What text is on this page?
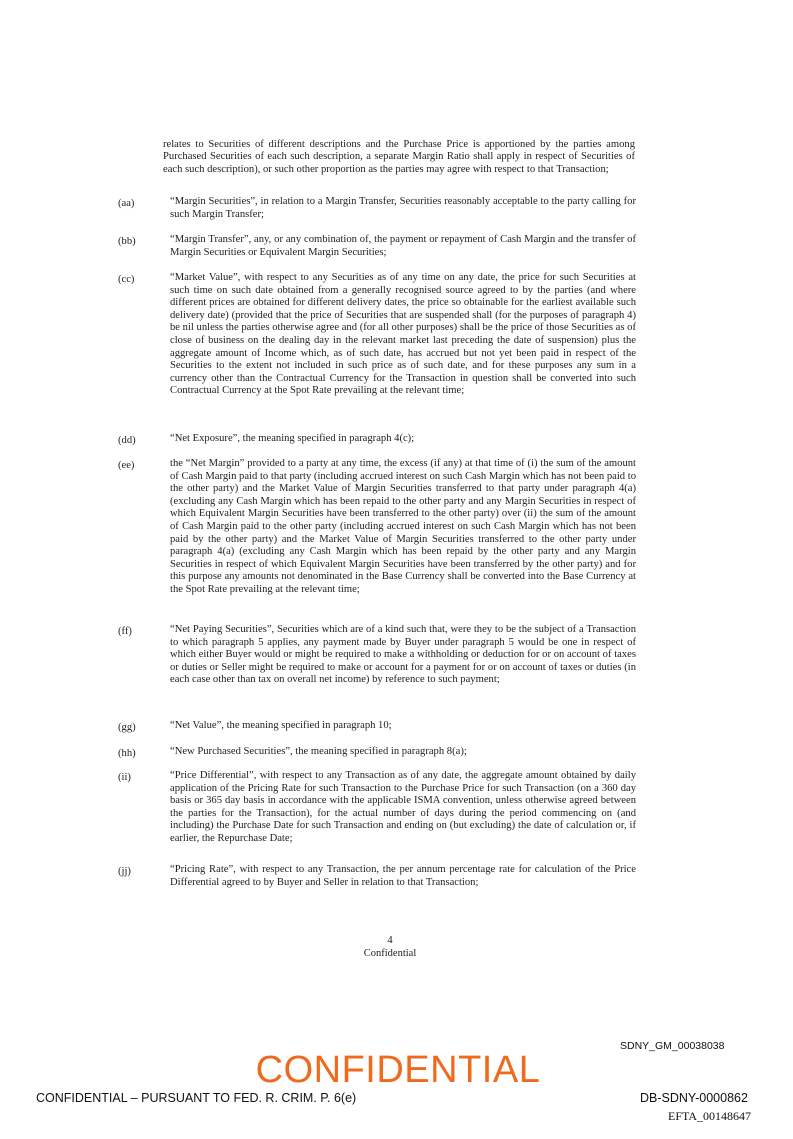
relates to Securities of different descriptions and the Purchase Price is apportioned by the parties among Purchased Securities of each such description, a separate Margin Ratio shall apply in respect of Securities of each such description), or such other proportion as the parties may agree with respect to that Transaction;

(aa)	“Margin Securities”, in relation to a Margin Transfer, Securities reasonably acceptable to the party calling for such Margin Transfer;
(bb)	“Margin Transfer”, any, or any combination of, the payment or repayment of Cash Margin and the transfer of Margin Securities or Equivalent Margin Securities;
(cc)	“Market Value”, with respect to any Securities as of any time on any date, the price for such Securities at such time on such date obtained from a generally recognised source agreed to by the parties (and where different prices are obtained for different delivery dates, the price so obtainable for the earliest available such delivery date) (provided that the price of Securities that are suspended shall (for the purposes of paragraph 4) be nil unless the parties otherwise agree and (for all other purposes) shall be the price of those Securities as of close of business on the dealing day in the relevant market last preceding the date of suspension) plus the aggregate amount of Income which, as of such date, has accrued but not yet been paid in respect of the Securities to the extent not included in such price as of such date, and for these purposes any sum in a currency other than the Contractual Currency for the Transaction in question shall be converted into such Contractual Currency at the Spot Rate prevailing at the relevant time;
(dd)	“Net Exposure”, the meaning specified in paragraph 4(c);
(ee)	the “Net Margin” provided to a party at any time, the excess (if any) at that time of (i) the sum of the amount of Cash Margin paid to that party (including accrued interest on such Cash Margin which has not been paid to the other party) and the Market Value of Margin Securities transferred to that party under paragraph 4(a) (excluding any Cash Margin which has been repaid to the other party and any Margin Securities in respect of which Equivalent Margin Securities have been transferred to the other party) over (ii) the sum of the amount of Cash Margin paid to the other party (including accrued interest on such Cash Margin which has not been paid by the other party) and the Market Value of Margin Securities transferred to the other party under paragraph 4(a) (excluding any Cash Margin which has been repaid by the other party and any Margin Securities in respect of which Equivalent Margin Securities have been transferred by the other party) and for this purpose any amounts not denominated in the Base Currency shall be converted into the Base Currency at the Spot Rate prevailing at the relevant time;
(ff)	“Net Paying Securities”, Securities which are of a kind such that, were they to be the subject of a Transaction to which paragraph 5 applies, any payment made by Buyer under paragraph 5 would be one in respect of which either Buyer would or might be required to make a withholding or deduction for or on account of taxes or duties or Seller might be required to make or account for a payment for or on account of taxes or duties (in each case other than tax on overall net income) by reference to such payment;
(gg)	“Net Value”, the meaning specified in paragraph 10;
(hh)	“New Purchased Securities”, the meaning specified in paragraph 8(a);
(ii)	“Price Differential”, with respect to any Transaction as of any date, the aggregate amount obtained by daily application of the Pricing Rate for such Transaction to the Purchase Price for such Transaction (on a 360 day basis or 365 day basis in accordance with the applicable ISMA convention, unless otherwise agreed between the parties for the Transaction), for the actual number of days during the period commencing on (and including) the Purchase Date for such Transaction and ending on (but excluding) the date of calculation or, if earlier, the Repurchase Date;
(jj)	“Pricing Rate”, with respect to any Transaction, the per annum percentage rate for calculation of the Price Differential agreed to by Buyer and Seller in relation to that Transaction;
4
Confidential
SDNY_GM_00038038
CONFIDENTIAL
CONFIDENTIAL – PURSUANT TO FED. R. CRIM. P. 6(e)	DB-SDNY-0000862
EFTA_00148647
